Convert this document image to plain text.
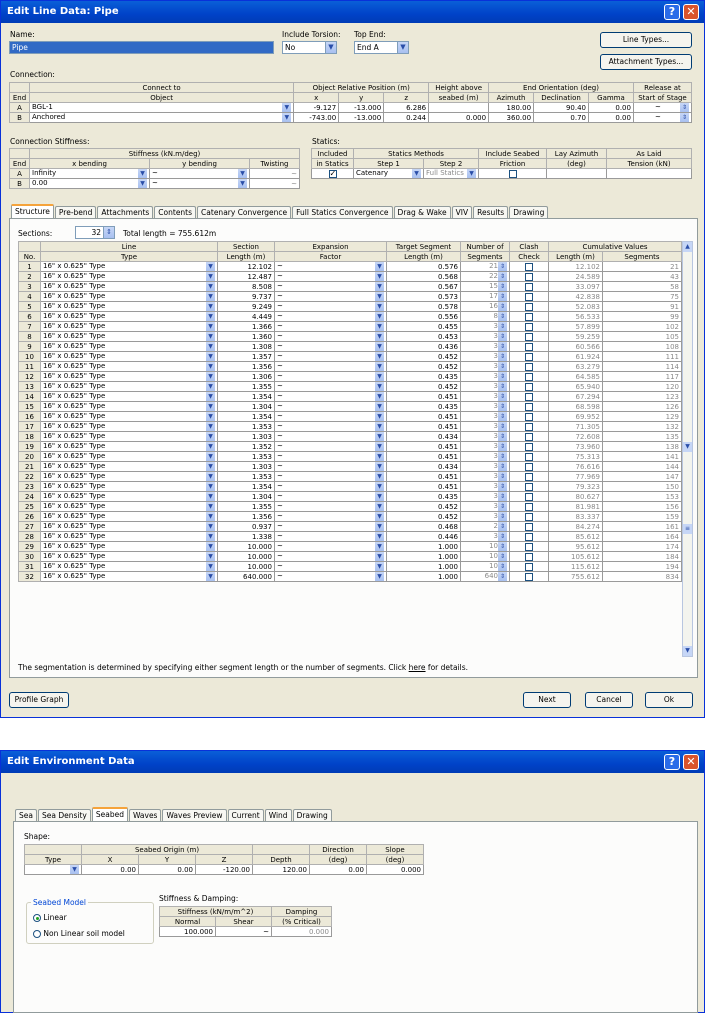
Edit Line Data: Pipe	?	✕
Name:
Pipe
Include Torsion:
No	▼
Top End:
End A	▼
Line Types...
Attachment Types...
Connection:
	Connect to	Object Relative Position (m)			Height above	End Orientation (deg)			Release at
End	Object	x	y	z	seabed (m)	Azimuth	Declination	Gamma	Start of Stage
A	BGL-1 ▼	-9.127	-13.000	6.286		180.00	90.40	0.00	~ ⇕

B	Anchored ▼	-743.00	-13.000	0.244	0.000	360.00	0.70	0.00	~ ⇕
Connection Stiffness:
	Stiffness (kN.m/deg)		
End	x bending	y bending	Twisting
A	Infinity ▼	~ ▼	~
B	0.00 ▼	~ ▼	~
Statics:
Included	Statics Methods		Include Seabed	Lay Azimuth	As Laid
in Statics	Step 1	Step 2	Friction	(deg)	Tension (kN)
✓	Catenary ▼	Full Statics ▼			

Structure	Pre-bend	Attachments	Contents	Catenary Convergence	Full Statics Convergence	Drag & Wake	VIV	Results	Drawing
Sections:	32 ⇕ Total length = 755.612m
	Line	Section	Expansion	Target Segment	Number of	Clash	Cumulative Values	
No.	Type	Length (m)	Factor	Length (m)	Segments	Check	Length (m)	Segments
1	16" x 0.625" Type ▼	12.102	~ ▼	0.576	21 ⇕		12.102	21
2	16" x 0.625" Type ▼	12.487	~ ▼	0.568	22 ⇕		24.589	43
3	16" x 0.625" Type ▼	8.508	~ ▼	0.567	15 ⇕		33.097	58
4	16" x 0.625" Type ▼	9.737	~ ▼	0.573	17 ⇕		42.838	75
5	16" x 0.625" Type ▼	9.249	~ ▼	0.578	16 ⇕		52.083	91
6	16" x 0.625" Type ▼	4.449	~ ▼	0.556	8 ⇕		56.533	99
7	16" x 0.625" Type ▼	1.366	~ ▼	0.455	3 ⇕		57.899	102
8	16" x 0.625" Type ▼	1.360	~ ▼	0.453	3 ⇕		59.259	105
9	16" x 0.625" Type ▼	1.308	~ ▼	0.436	3 ⇕		60.566	108
10	16" x 0.625" Type ▼	1.357	~ ▼	0.452	3 ⇕		61.924	111
11	16" x 0.625" Type ▼	1.356	~ ▼	0.452	3 ⇕		63.279	114
12	16" x 0.625" Type ▼	1.306	~ ▼	0.435	3 ⇕		64.585	117
13	16" x 0.625" Type ▼	1.355	~ ▼	0.452	3 ⇕		65.940	120
14	16" x 0.625" Type ▼	1.354	~ ▼	0.451	3 ⇕		67.294	123
15	16" x 0.625" Type ▼	1.304	~ ▼	0.435	3 ⇕		68.598	126
16	16" x 0.625" Type ▼	1.354	~ ▼	0.451	3 ⇕		69.952	129
17	16" x 0.625" Type ▼	1.353	~ ▼	0.451	3 ⇕		71.305	132
18	16" x 0.625" Type ▼	1.303	~ ▼	0.434	3 ⇕		72.608	135
19	16" x 0.625" Type ▼	1.352	~ ▼	0.451	3 ⇕		73.960	138
20	16" x 0.625" Type ▼	1.353	~ ▼	0.451	3 ⇕		75.313	141
21	16" x 0.625" Type ▼	1.303	~ ▼	0.434	3 ⇕		76.616	144
22	16" x 0.625" Type ▼	1.353	~ ▼	0.451	3 ⇕		77.969	147
23	16" x 0.625" Type ▼	1.354	~ ▼	0.451	3 ⇕		79.323	150
24	16" x 0.625" Type ▼	1.304	~ ▼	0.435	3 ⇕		80.627	153
25	16" x 0.625" Type ▼	1.355	~ ▼	0.452	3 ⇕		81.981	156
26	16" x 0.625" Type ▼	1.356	~ ▼	0.452	3 ⇕		83.337	159
27	16" x 0.625" Type ▼	0.937	~ ▼	0.468	2 ⇕		84.274	161
28	16" x 0.625" Type ▼	1.338	~ ▼	0.446	3 ⇕		85.612	164
29	16" x 0.625" Type ▼	10.000	~ ▼	1.000	10 ⇕		95.612	174
30	16" x 0.625" Type ▼	10.000	~ ▼	1.000	10 ⇕		105.612	184
31	16" x 0.625" Type ▼	10.000	~ ▼	1.000	10 ⇕		115.612	194
32	16" x 0.625" Type ▼	640.000	~ ▼	1.000	640 ⇕		755.612	834
▲
▼
≡
▼
The segmentation is determined by specifying either segment length or the number of segments. Click here for details.
Profile Graph	Next	Cancel	Ok
Edit Environment Data	?	✕
Sea	Sea Density	Seabed	Waves	Waves Preview	Current	Wind	Drawing
Shape:
	Seabed Origin (m)				Direction	Slope
Type	X	Y	Z	Depth	(deg)	(deg)
Flat ▼	0.00	0.00	-120.00	120.00	0.00	0.000
Seabed Model
Linear
Non Linear soil model
Stiffness & Damping:
Stiffness (kN/m/m^2)		Damping
Normal	Shear	(% Critical)
100.000	~	0.000
